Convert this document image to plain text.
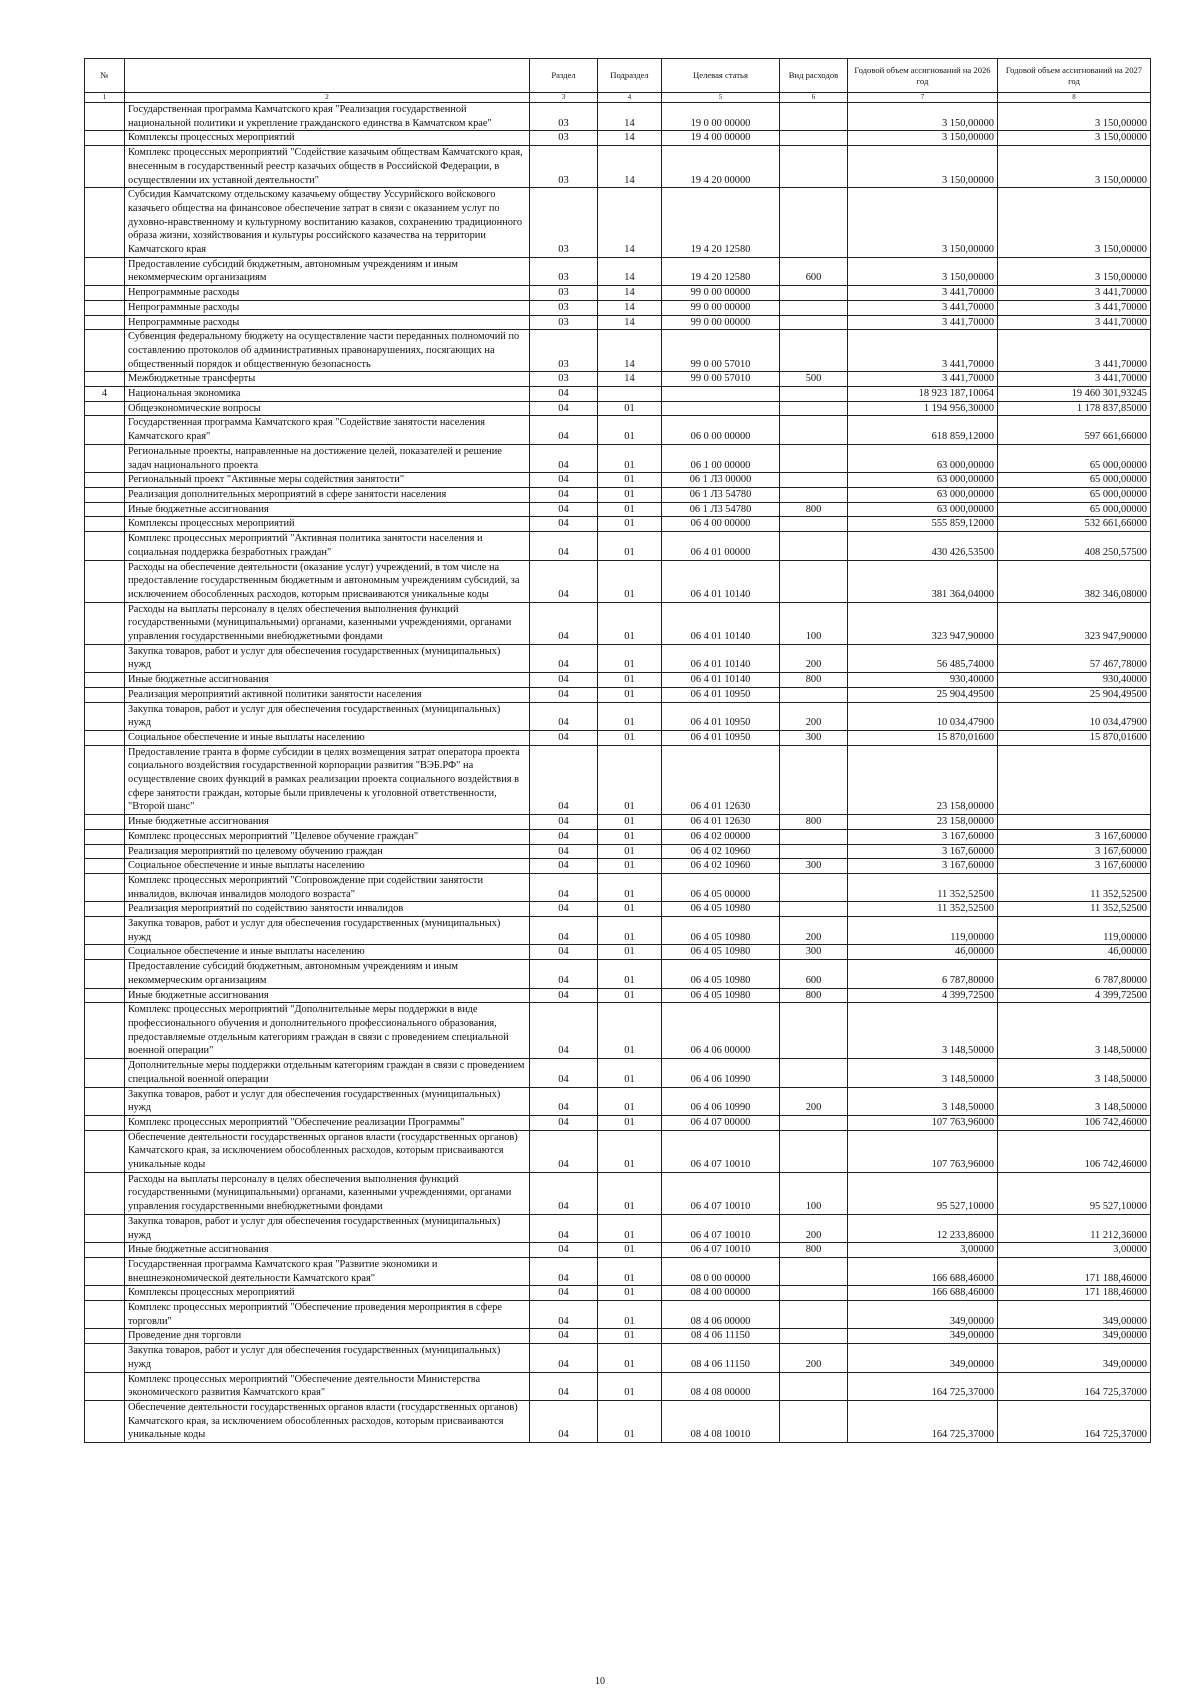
№		Раздел	Подраздел	Целевая статья	Вид расходов	Годовой объем ассигнований на 2026 год	Годовой объем ассигнований на 2027 год
1	2	3	4	5	6	7	8
	Государственная программа Камчатского края "Реализация государственной национальной политики и укрепление гражданского единства в Камчатском крае"	03	14	19 0 00 00000		3 150,00000	3 150,00000
	Комплексы процессных мероприятий	03	14	19 4 00 00000		3 150,00000	3 150,00000
	Комплекс процессных мероприятий "Содействие казачьим обществам Камчатского края, внесенным в государственный реестр казачьих обществ в Российской Федерации, в осуществлении их уставной деятельности"	03	14	19 4 20 00000		3 150,00000	3 150,00000
	Субсидия Камчатскому отдельскому казачьему обществу Уссурийского войскового казачьего общества на финансовое обеспечение затрат в связи с оказанием услуг по духовно-нравственному и культурному воспитанию казаков, сохранению традиционного образа жизни, хозяйствования и культуры российского казачества на территории Камчатского края	03	14	19 4 20 12580		3 150,00000	3 150,00000
	Предоставление субсидий бюджетным, автономным учреждениям и иным некоммерческим организациям	03	14	19 4 20 12580	600	3 150,00000	3 150,00000
	Непрограммные расходы	03	14	99 0 00 00000		3 441,70000	3 441,70000
	Непрограммные расходы	03	14	99 0 00 00000		3 441,70000	3 441,70000
	Непрограммные расходы	03	14	99 0 00 00000		3 441,70000	3 441,70000
	Субвенция федеральному бюджету на осуществление части переданных полномочий по составлению протоколов об административных правонарушениях, посягающих на общественный порядок и общественную безопасность	03	14	99 0 00 57010		3 441,70000	3 441,70000
	Межбюджетные трансферты	03	14	99 0 00 57010	500	3 441,70000	3 441,70000
4	Национальная экономика	04				18 923 187,10064	19 460 301,93245
	Общеэкономические вопросы	04	01			1 194 956,30000	1 178 837,85000
	Государственная программа Камчатского края "Содействие занятости населения Камчатского края"	04	01	06 0 00 00000		618 859,12000	597 661,66000
	Региональные проекты, направленные на достижение целей, показателей и решение задач национального проекта	04	01	06 1 00 00000		63 000,00000	65 000,00000
	Региональный проект "Активные меры содействия занятости"	04	01	06 1 Л3 00000		63 000,00000	65 000,00000
	Реализация дополнительных мероприятий в сфере занятости населения	04	01	06 1 Л3 54780		63 000,00000	65 000,00000
	Иные бюджетные ассигнования	04	01	06 1 Л3 54780	800	63 000,00000	65 000,00000
	Комплексы процессных мероприятий	04	01	06 4 00 00000		555 859,12000	532 661,66000
	Комплекс процессных мероприятий "Активная политика занятости населения и социальная поддержка безработных граждан"	04	01	06 4 01 00000		430 426,53500	408 250,57500
	Расходы на обеспечение деятельности (оказание услуг) учреждений, в том числе на предоставление государственным бюджетным и автономным учреждениям субсидий, за исключением обособленных расходов, которым присваиваются уникальные коды	04	01	06 4 01 10140		381 364,04000	382 346,08000
	Расходы на выплаты персоналу в целях обеспечения выполнения функций государственными (муниципальными) органами, казенными учреждениями, органами управления государственными внебюджетными фондами	04	01	06 4 01 10140	100	323 947,90000	323 947,90000
	Закупка товаров, работ и услуг для обеспечения государственных (муниципальных) нужд	04	01	06 4 01 10140	200	56 485,74000	57 467,78000
	Иные бюджетные ассигнования	04	01	06 4 01 10140	800	930,40000	930,40000
	Реализация мероприятий активной политики занятости населения	04	01	06 4 01 10950		25 904,49500	25 904,49500
	Закупка товаров, работ и услуг для обеспечения государственных (муниципальных) нужд	04	01	06 4 01 10950	200	10 034,47900	10 034,47900
	Социальное обеспечение и иные выплаты населению	04	01	06 4 01 10950	300	15 870,01600	15 870,01600
	Предоставление гранта в форме субсидии в целях возмещения затрат оператора проекта социального воздействия государственной корпорации развития "ВЭБ.РФ" на осуществление своих функций в рамках реализации проекта социального воздействия в сфере занятости граждан, которые были привлечены к уголовной ответственности, "Второй шанс"	04	01	06 4 01 12630		23 158,00000	
	Иные бюджетные ассигнования	04	01	06 4 01 12630	800	23 158,00000	
	Комплекс процессных мероприятий "Целевое обучение граждан"	04	01	06 4 02 00000		3 167,60000	3 167,60000
	Реализация мероприятий по целевому обучению граждан	04	01	06 4 02 10960		3 167,60000	3 167,60000
	Социальное обеспечение и иные выплаты населению	04	01	06 4 02 10960	300	3 167,60000	3 167,60000
	Комплекс процессных мероприятий "Сопровождение при содействии занятости инвалидов, включая инвалидов молодого возраста"	04	01	06 4 05 00000		11 352,52500	11 352,52500
	Реализация мероприятий по содействию занятости инвалидов	04	01	06 4 05 10980		11 352,52500	11 352,52500
	Закупка товаров, работ и услуг для обеспечения государственных (муниципальных) нужд	04	01	06 4 05 10980	200	119,00000	119,00000
	Социальное обеспечение и иные выплаты населению	04	01	06 4 05 10980	300	46,00000	46,00000
	Предоставление субсидий бюджетным, автономным учреждениям и иным некоммерческим организациям	04	01	06 4 05 10980	600	6 787,80000	6 787,80000
	Иные бюджетные ассигнования	04	01	06 4 05 10980	800	4 399,72500	4 399,72500
	Комплекс процессных мероприятий "Дополнительные меры поддержки в виде профессионального обучения и дополнительного профессионального образования, предоставляемые отдельным категориям граждан в связи с проведением специальной военной операции"	04	01	06 4 06 00000		3 148,50000	3 148,50000
	Дополнительные меры поддержки отдельным категориям граждан в связи с проведением специальной военной операции	04	01	06 4 06 10990		3 148,50000	3 148,50000
	Закупка товаров, работ и услуг для обеспечения государственных (муниципальных) нужд	04	01	06 4 06 10990	200	3 148,50000	3 148,50000
	Комплекс процессных мероприятий "Обеспечение реализации Программы"	04	01	06 4 07 00000		107 763,96000	106 742,46000
	Обеспечение деятельности государственных органов власти (государственных органов) Камчатского края, за исключением обособленных расходов, которым присваиваются уникальные коды	04	01	06 4 07 10010		107 763,96000	106 742,46000
	Расходы на выплаты персоналу в целях обеспечения выполнения функций государственными (муниципальными) органами, казенными учреждениями, органами управления государственными внебюджетными фондами	04	01	06 4 07 10010	100	95 527,10000	95 527,10000
	Закупка товаров, работ и услуг для обеспечения государственных (муниципальных) нужд	04	01	06 4 07 10010	200	12 233,86000	11 212,36000
	Иные бюджетные ассигнования	04	01	06 4 07 10010	800	3,00000	3,00000
	Государственная программа Камчатского края "Развитие экономики и внешнеэкономической деятельности Камчатского края"	04	01	08 0 00 00000		166 688,46000	171 188,46000
	Комплексы процессных мероприятий	04	01	08 4 00 00000		166 688,46000	171 188,46000
	Комплекс процессных мероприятий "Обеспечение проведения мероприятия в сфере торговли"	04	01	08 4 06 00000		349,00000	349,00000
	Проведение дня торговли	04	01	08 4 06 11150		349,00000	349,00000
	Закупка товаров, работ и услуг для обеспечения государственных (муниципальных) нужд	04	01	08 4 06 11150	200	349,00000	349,00000
	Комплекс процессных мероприятий "Обеспечение деятельности Министерства экономического развития Камчатского края"	04	01	08 4 08 00000		164 725,37000	164 725,37000
	Обеспечение деятельности государственных органов власти (государственных органов) Камчатского края, за исключением обособленных расходов, которым присваиваются уникальные коды	04	01	08 4 08 10010		164 725,37000	164 725,37000
10
